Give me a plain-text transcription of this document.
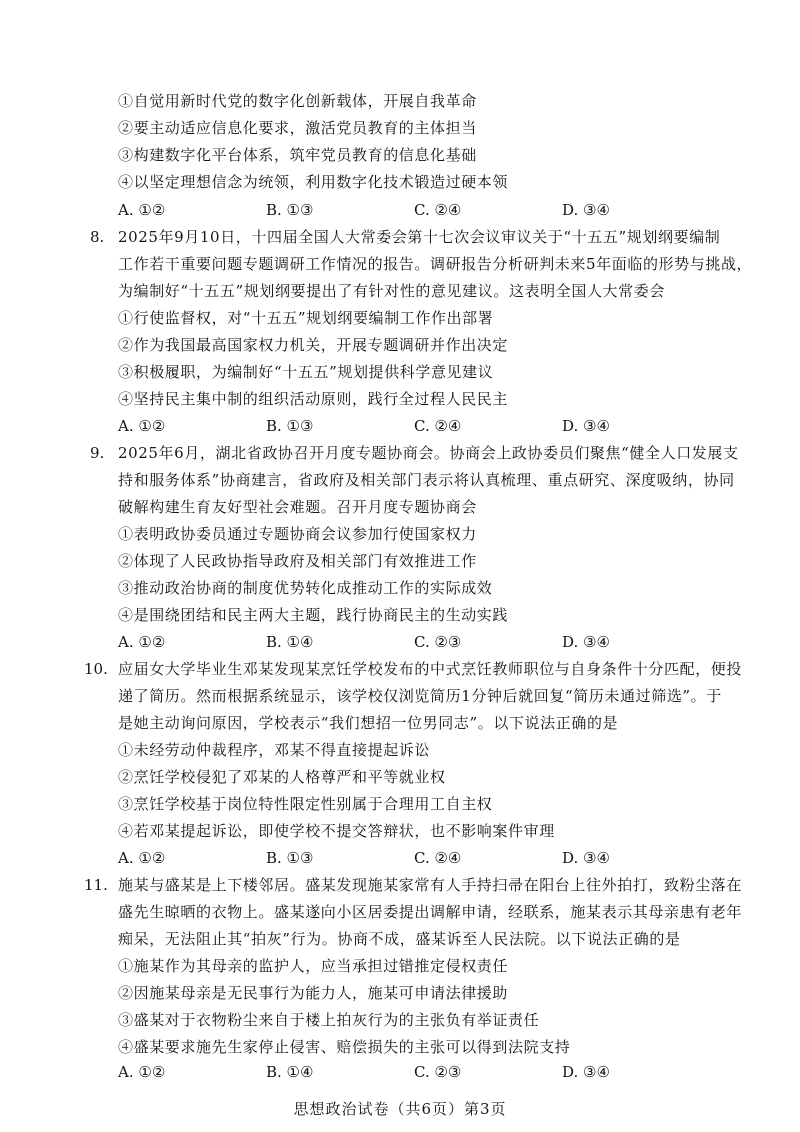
①自觉用新时代党的数字化创新载体，开展自我革命
②要主动适应信息化要求，激活党员教育的主体担当
③构建数字化平台体系，筑牢党员教育的信息化基础
④以坚定理想信念为统领，利用数字化技术锻造过硬本领
A. ①②	B. ①③	C. ②④	D. ③④
8. 2025年9月10日，十四届全国人大常委会第十七次会议审议关于“十五五”规划纲要编制
工作若干重要问题专题调研工作情况的报告。调研报告分析研判未来5年面临的形势与挑战，
为编制好“十五五”规划纲要提出了有针对性的意见建议。这表明全国人大常委会
①行使监督权，对“十五五”规划纲要编制工作作出部署
②作为我国最高国家权力机关，开展专题调研并作出决定
③积极履职，为编制好“十五五”规划提供科学意见建议
④坚持民主集中制的组织活动原则，践行全过程人民民主
A. ①②	B. ①③	C. ②④	D. ③④
9. 2025年6月，湖北省政协召开月度专题协商会。协商会上政协委员们聚焦“健全人口发展支
持和服务体系”协商建言，省政府及相关部门表示将认真梳理、重点研究、深度吸纳，协同
破解构建生育友好型社会难题。召开月度专题协商会
①表明政协委员通过专题协商会议参加行使国家权力
②体现了人民政协指导政府及相关部门有效推进工作
③推动政治协商的制度优势转化成推动工作的实际成效
④是围绕团结和民主两大主题，践行协商民主的生动实践
A. ①②	B. ①④	C. ②③	D. ③④
10. 应届女大学毕业生邓某发现某烹饪学校发布的中式烹饪教师职位与自身条件十分匹配，便投
递了简历。然而根据系统显示，该学校仅浏览简历1分钟后就回复“简历未通过筛选”。于
是她主动询问原因，学校表示“我们想招一位男同志”。以下说法正确的是
①未经劳动仲裁程序，邓某不得直接提起诉讼
②烹饪学校侵犯了邓某的人格尊严和平等就业权
③烹饪学校基于岗位特性限定性别属于合理用工自主权
④若邓某提起诉讼，即使学校不提交答辩状，也不影响案件审理
A. ①②	B. ①③	C. ②④	D. ③④
11. 施某与盛某是上下楼邻居。盛某发现施某家常有人手持扫帚在阳台上往外拍打，致粉尘落在
盛先生晾晒的衣物上。盛某遂向小区居委提出调解申请，经联系，施某表示其母亲患有老年
痴呆，无法阻止其“拍灰”行为。协商不成，盛某诉至人民法院。以下说法正确的是
①施某作为其母亲的监护人，应当承担过错推定侵权责任
②因施某母亲是无民事行为能力人，施某可申请法律援助
③盛某对于衣物粉尘来自于楼上拍灰行为的主张负有举证责任
④盛某要求施先生家停止侵害、赔偿损失的主张可以得到法院支持
A. ①②	B. ①④	C. ②③	D. ③④
思想政治试卷（共6页）第3页
